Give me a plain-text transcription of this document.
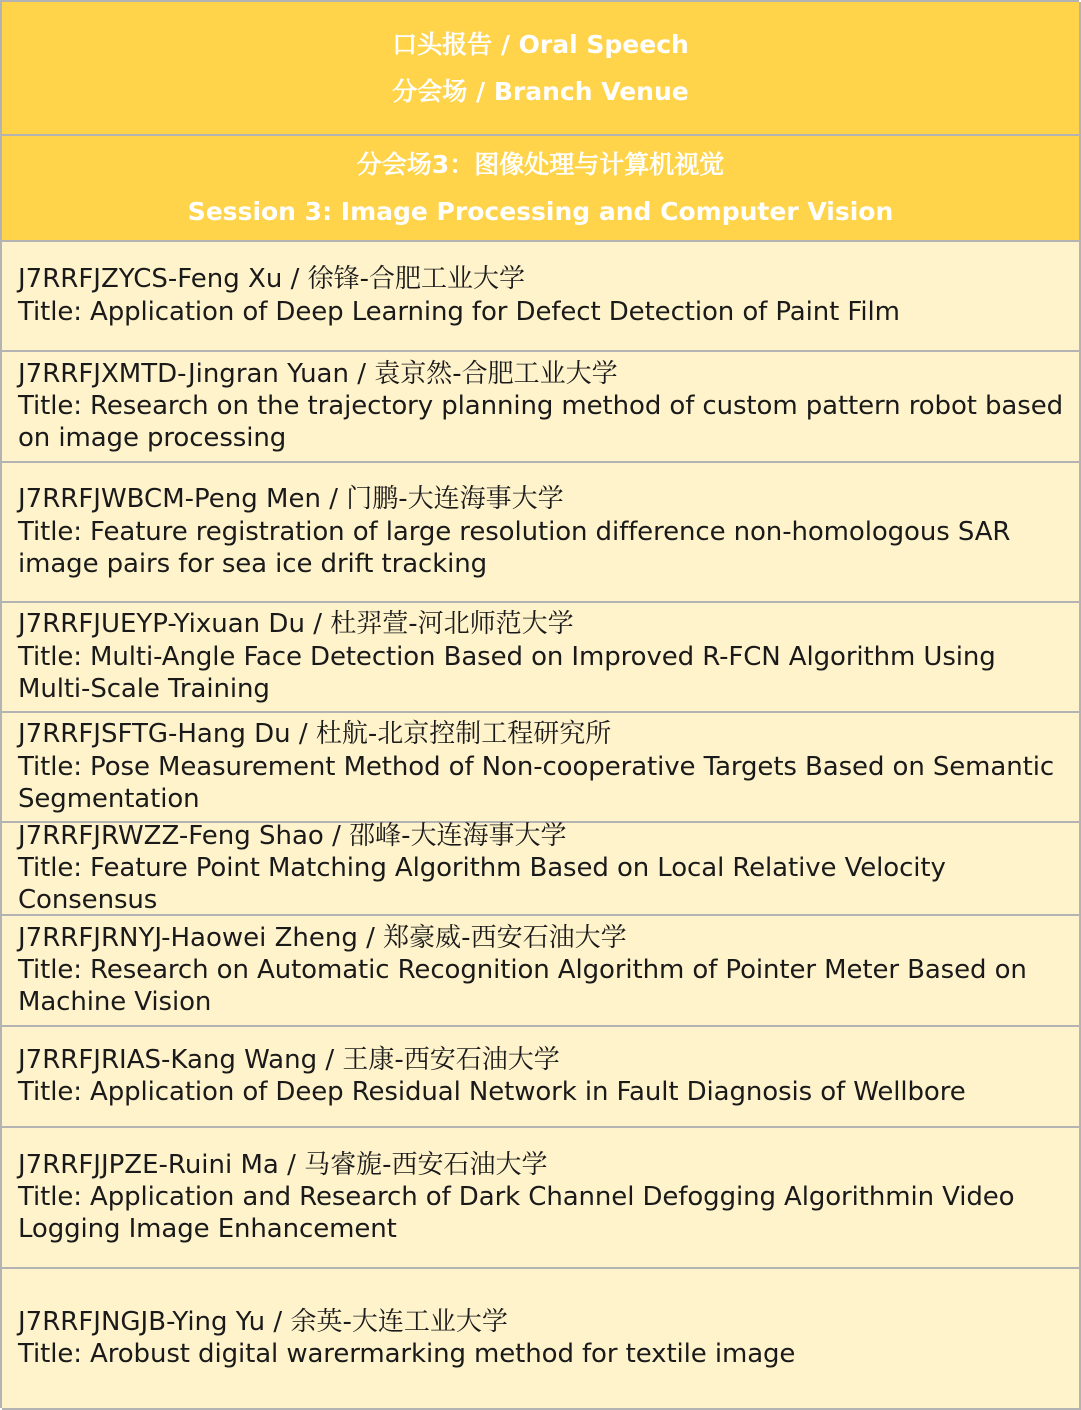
口头报告 / Oral Speech
分会场 / Branch Venue
分会场3：图像处理与计算机视觉
Session 3: Image Processing and Computer Vision
J7RRFJZYCS-Feng Xu / 徐锋-合肥工业大学
Title: Application of Deep Learning for Defect Detection of Paint Film
J7RRFJXMTD-Jingran Yuan / 袁京然-合肥工业大学
Title: Research on the trajectory planning method of custom pattern robot based on image processing
J7RRFJWBCM-Peng Men / 门鹏-大连海事大学
Title: Feature registration of large resolution difference non-homologous SAR image pairs for sea ice drift tracking
J7RRFJUEYP-Yixuan Du / 杜羿萱-河北师范大学
Title: Multi-Angle Face Detection Based on Improved R-FCN Algorithm Using Multi-Scale Training
J7RRFJSFTG-Hang Du / 杜航-北京控制工程研究所
Title: Pose Measurement Method of Non-cooperative Targets Based on Semantic Segmentation
J7RRFJRWZZ-Feng Shao / 邵峰-大连海事大学
Title: Feature Point Matching Algorithm Based on Local Relative Velocity Consensus
J7RRFJRNYJ-Haowei Zheng / 郑豪威-西安石油大学
Title: Research on Automatic Recognition Algorithm of Pointer Meter Based on Machine Vision
J7RRFJRIAS-Kang Wang / 王康-西安石油大学
Title: Application of Deep Residual Network in Fault Diagnosis of Wellbore
J7RRFJJPZE-Ruini Ma / 马睿旎-西安石油大学
Title: Application and Research of Dark Channel Defogging Algorithmin Video Logging Image Enhancement
J7RRFJNGJB-Ying Yu / 余英-大连工业大学
Title: Arobust digital warermarking method for textile image
